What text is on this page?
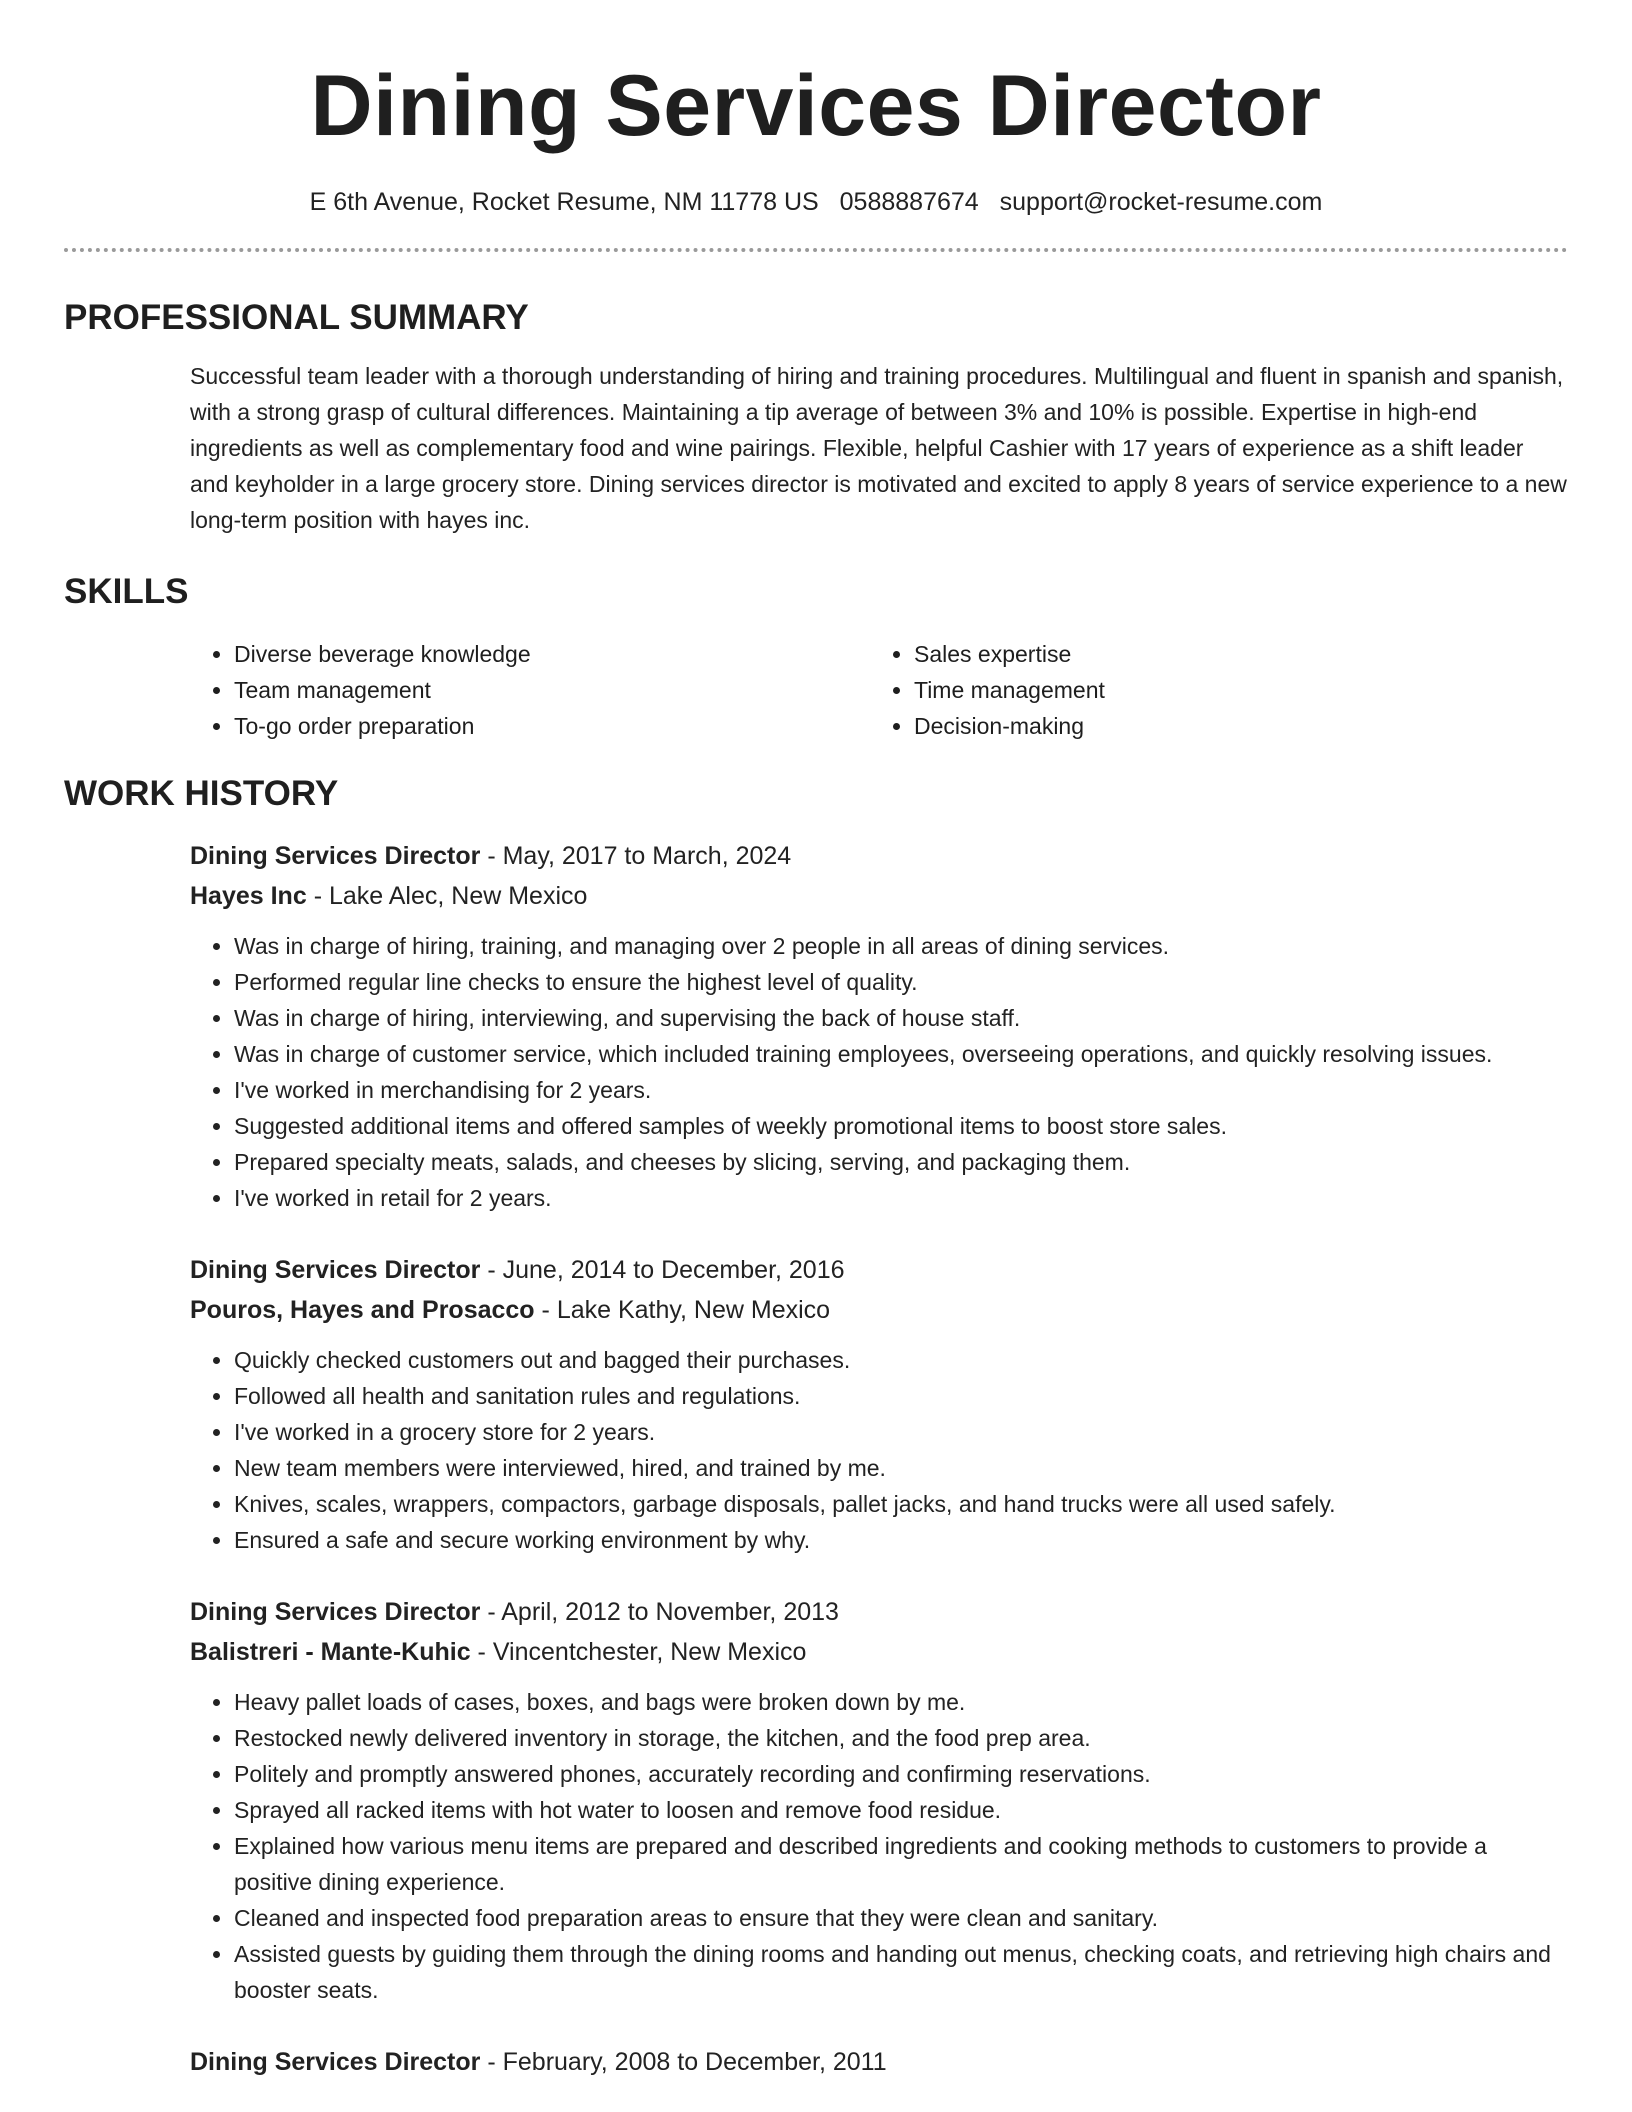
Dining Services Director
E 6th Avenue, Rocket Resume, NM 11778 US 0588887674 support@rocket-resume.com
PROFESSIONAL SUMMARY

Successful team leader with a thorough understanding of hiring and training procedures. Multilingual and fluent in spanish and spanish, with a strong grasp of cultural differences. Maintaining a tip average of between 3% and 10% is possible. Expertise in high-end ingredients as well as complementary food and wine pairings. Flexible, helpful Cashier with 17 years of experience as a shift leader and keyholder in a large grocery store. Dining services director is motivated and excited to apply 8 years of service experience to a new long-term position with hayes inc.

SKILLS
• Diverse beverage knowledge
• Team management
• To-go order preparation
• Sales expertise
• Time management
• Decision-making
WORK HISTORY
Dining Services Director - May, 2017 to March, 2024
Hayes Inc - Lake Alec, New Mexico
• Was in charge of hiring, training, and managing over 2 people in all areas of dining services.
• Performed regular line checks to ensure the highest level of quality.
• Was in charge of hiring, interviewing, and supervising the back of house staff.
• Was in charge of customer service, which included training employees, overseeing operations, and quickly resolving issues.
• I've worked in merchandising for 2 years.
• Suggested additional items and offered samples of weekly promotional items to boost store sales.
• Prepared specialty meats, salads, and cheeses by slicing, serving, and packaging them.
• I've worked in retail for 2 years.
Dining Services Director - June, 2014 to December, 2016
Pouros, Hayes and Prosacco - Lake Kathy, New Mexico
• Quickly checked customers out and bagged their purchases.
• Followed all health and sanitation rules and regulations.
• I've worked in a grocery store for 2 years.
• New team members were interviewed, hired, and trained by me.
• Knives, scales, wrappers, compactors, garbage disposals, pallet jacks, and hand trucks were all used safely.
• Ensured a safe and secure working environment by why.
Dining Services Director - April, 2012 to November, 2013
Balistreri - Mante-Kuhic - Vincentchester, New Mexico
• Heavy pallet loads of cases, boxes, and bags were broken down by me.
• Restocked newly delivered inventory in storage, the kitchen, and the food prep area.
• Politely and promptly answered phones, accurately recording and confirming reservations.
• Sprayed all racked items with hot water to loosen and remove food residue.
• Explained how various menu items are prepared and described ingredients and cooking methods to customers to provide a positive dining experience.
• Cleaned and inspected food preparation areas to ensure that they were clean and sanitary.
• Assisted guests by guiding them through the dining rooms and handing out menus, checking coats, and retrieving high chairs and booster seats.
Dining Services Director - February, 2008 to December, 2011
